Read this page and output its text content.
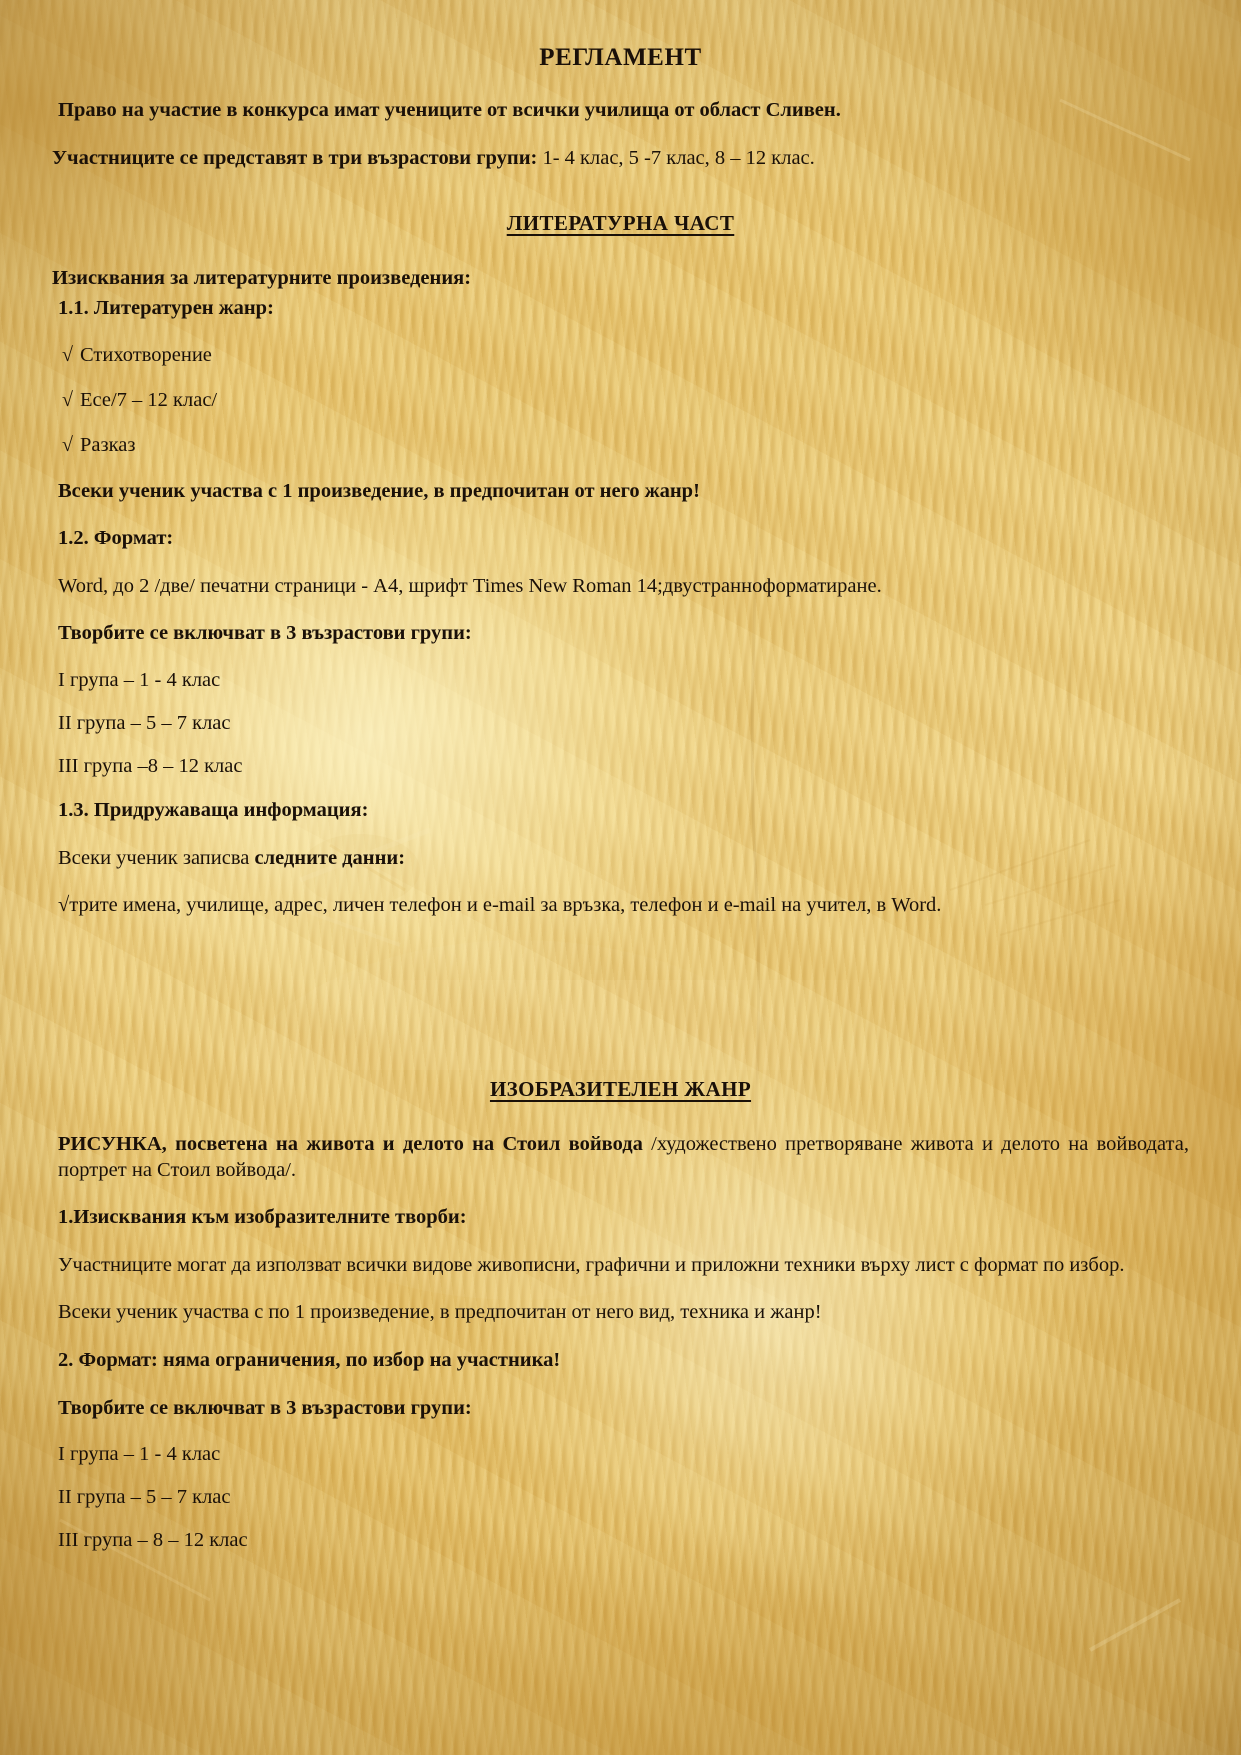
РЕГЛАМЕНТ

Право на участие в конкурса имат учениците от всички училища от област Сливен.

Участниците се представят в три възрастови групи: 1- 4 клас, 5 -7 клас, 8 – 12 клас.

ЛИТЕРАТУРНА ЧАСТ

Изисквания за литературните произведения:

1.1. Литературен жанр:

√ Стихотворение
√ Есе/7 – 12 клас/
√ Разказ

Всеки ученик участва с 1 произведение, в предпочитан от него жанр!

1.2. Формат:

Word, до 2 /две/ печатни страници - A4, шрифт Times New Roman 14;двустранноформатиране.

Творбите се включват в 3 възрастови групи:

I група – 1 - 4 клас

II група – 5 – 7 клас

III група –8 – 12 клас

1.3. Придружаваща информация:

Всеки ученик записва следните данни:

√трите имена, училище, адрес, личен телефон и e-mail за връзка, телефон и e-mail на учител, в Word.

ИЗОБРАЗИТЕЛЕН ЖАНР

РИСУНКА, посветена на живота и делото на Стоил войвода /художествено претворяване живота и делото на войводата, портрет на Стоил войвода/.

1.Изисквания към изобразителните творби:

Участниците могат да използват всички видове живописни, графични и приложни техники върху лист с формат по избор.

Всеки ученик участва с по 1 произведение, в предпочитан от него вид, техника и жанр!

2. Формат: няма ограничения, по избор на участника!

Творбите се включват в 3 възрастови групи:

I група – 1 - 4 клас

II група – 5 – 7 клас

III група – 8 – 12 клас
